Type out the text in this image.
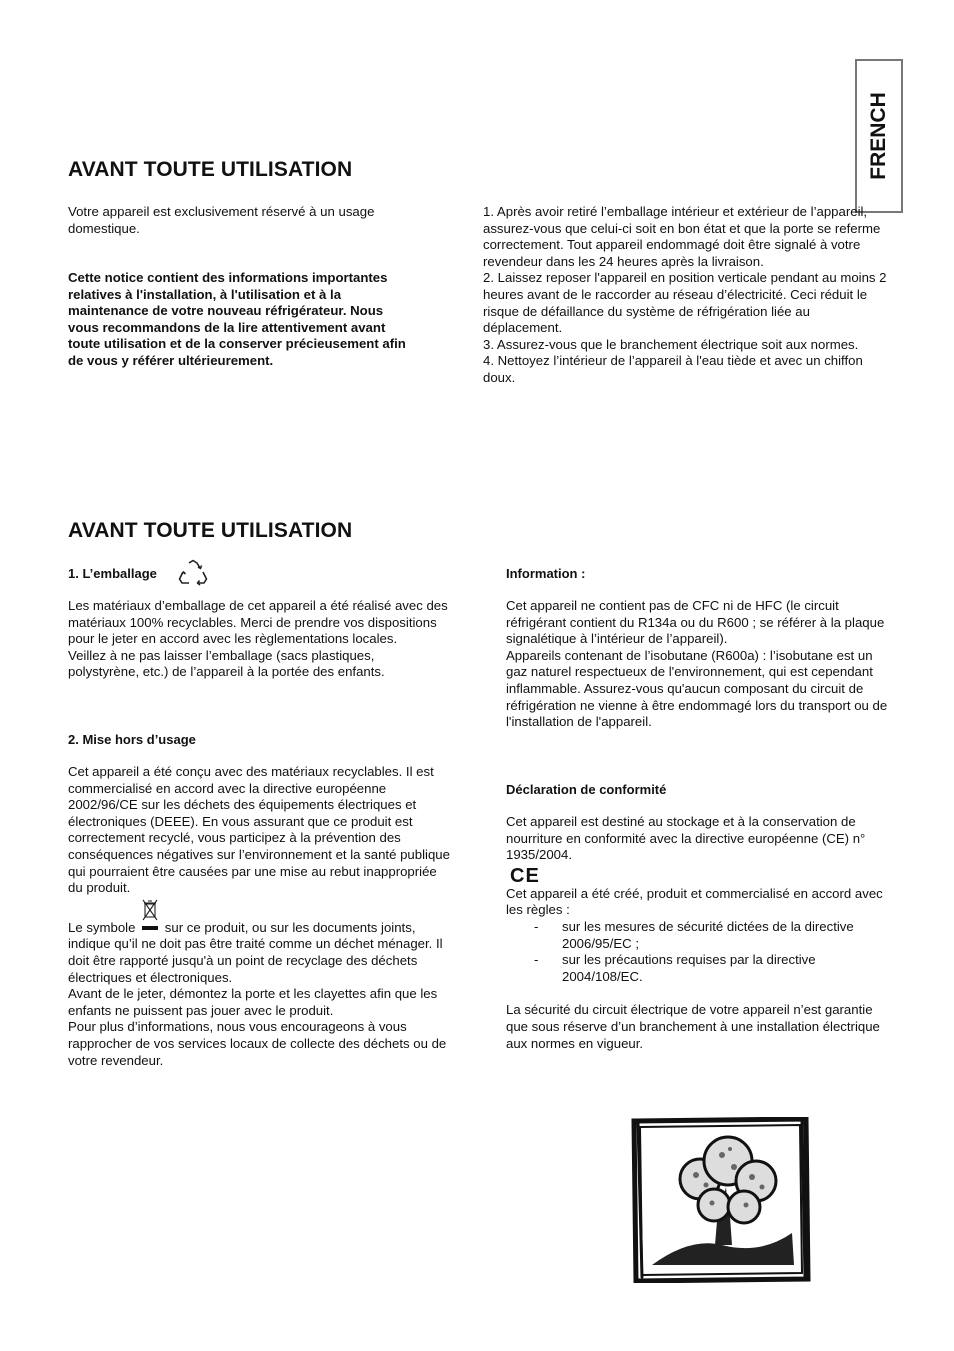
FRENCH
AVANT TOUTE UTILISATION

Votre appareil est exclusivement réservé à un usage domestique.

Cette notice contient des informations importantes relatives à l'installation, à l'utilisation et à la maintenance de votre nouveau réfrigérateur. Nous vous recommandons de la lire attentivement avant toute utilisation et de la conserver précieusement afin de vous y référer ultérieurement.

1. Après avoir retiré l’emballage intérieur et extérieur de l’appareil, assurez-vous que celui-ci soit en bon état et que la porte se referme correctement. Tout appareil endommagé doit être signalé à votre revendeur dans les 24 heures après la livraison.

2. Laissez reposer l'appareil en position verticale pendant au moins 2 heures avant de le raccorder au réseau d’électricité. Ceci réduit le risque de défaillance du système de réfrigération liée au déplacement.

3. Assurez-vous que le branchement électrique soit aux normes.

4. Nettoyez l’intérieur de l’appareil à l'eau tiède et avec un chiffon doux.

AVANT TOUTE UTILISATION
1. L’emballage

Les matériaux d’emballage de cet appareil a été réalisé avec des matériaux 100% recyclables. Merci de prendre vos dispositions pour le jeter en accord avec les règlementations locales.

Veillez à ne pas laisser l’emballage (sacs plastiques, polystyrène, etc.) de l’appareil à la portée des enfants.

2. Mise hors d’usage

Cet appareil a été conçu avec des matériaux recyclables. Il est commercialisé en accord avec la directive européenne 2002/96/CE sur les déchets des équipements électriques et électroniques (DEEE). En vous assurant que ce produit est correctement recyclé, vous participez à la prévention des conséquences négatives sur l’environnement et la santé publique qui pourraient être causées par une mise au rebut inappropriée du produit.

Le symbole sur ce produit, ou sur les documents joints, indique qu’il ne doit pas être traité comme un déchet ménager. Il doit être rapporté jusqu'à un point de recyclage des déchets électriques et électroniques.

Avant de le jeter, démontez la porte et les clayettes afin que les enfants ne puissent pas jouer avec le produit.

Pour plus d’informations, nous vous encourageons à vous rapprocher de vos services locaux de collecte des déchets ou de votre revendeur.

Information :

Cet appareil ne contient pas de CFC ni de HFC (le circuit réfrigérant contient du R134a ou du R600 ; se référer à la plaque signalétique à l’intérieur de l’appareil).

Appareils contenant de l’isobutane (R600a) : l’isobutane est un gaz naturel respectueux de l'environnement, qui est cependant inflammable. Assurez-vous qu'aucun composant du circuit de réfrigération ne vienne à être endommagé lors du transport ou de l'installation de l'appareil.

Déclaration de conformité

Cet appareil est destiné au stockage et à la conservation de nourriture en conformité avec la directive européenne (CE) n° 1935/2004.

CE

Cet appareil a été créé, produit et commercialisé en accord avec les règles :

- sur les mesures de sécurité dictées de la directive 2006/95/EC ;
- sur les précautions requises par la directive 2004/108/EC.

La sécurité du circuit électrique de votre appareil n’est garantie que sous réserve d’un branchement à une installation électrique aux normes en vigueur.
